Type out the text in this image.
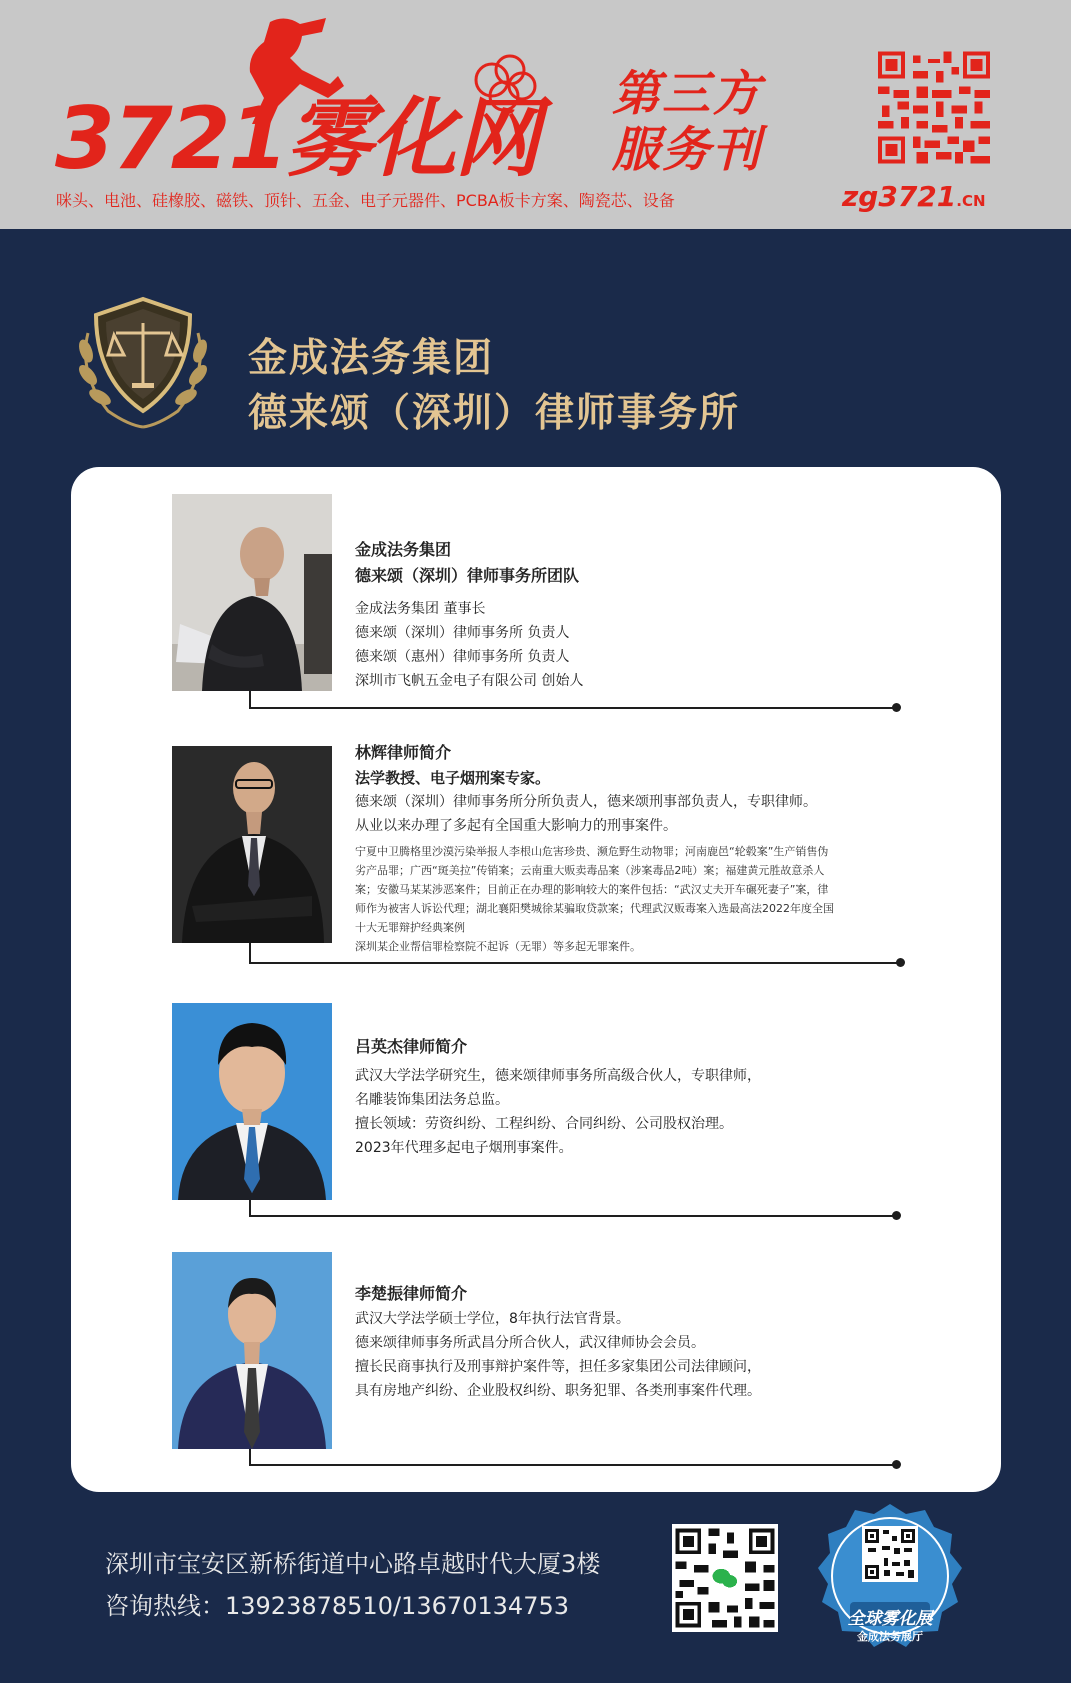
3721雾化网 第三方
服务刊
咪头、电池、硅橡胶、磁铁、顶针、五金、电子元器件、PCBA板卡方案、陶瓷芯、设备	zg3721.CN
金成法务集团
德来颂（深圳）律师事务所
金成法务集团
德来颂（深圳）律师事务所团队
金成法务集团 董事长
德来颂（深圳）律师事务所 负责人
德来颂（惠州）律师事务所 负责人
深圳市飞帆五金电子有限公司 创始人
林辉律师简介
法学教授、电子烟刑案专家。
德来颂（深圳）律师事务所分所负责人，德来颂刑事部负责人，专职律师。
从业以来办理了多起有全国重大影响力的刑事案件。
宁夏中卫腾格里沙漠污染举报人李根山危害珍贵、濒危野生动物罪；河南鹿邑“轮毂案”生产销售伪
劣产品罪；广西“斑美拉”传销案；云南重大贩卖毒品案（涉案毒品2吨）案；福建黄元胜故意杀人
案；安徽马某某涉恶案件；目前正在办理的影响较大的案件包括：“武汉丈夫开车碾死妻子”案，律
师作为被害人诉讼代理；湖北襄阳樊城徐某骗取贷款案；代理武汉贩毒案入选最高法2022年度全国
十大无罪辩护经典案例
深圳某企业帮信罪检察院不起诉（无罪）等多起无罪案件。
吕英杰律师简介
武汉大学法学研究生，德来颂律师事务所高级合伙人，专职律师，
名雕装饰集团法务总监。
擅长领域：劳资纠纷、工程纠纷、合同纠纷、公司股权治理。
2023年代理多起电子烟刑事案件。
李楚振律师简介
武汉大学法学硕士学位，8年执行法官背景。
德来颂律师事务所武昌分所合伙人，武汉律师协会会员。
擅长民商事执行及刑事辩护案件等，担任多家集团公司法律顾问，
具有房地产纠纷、企业股权纠纷、职务犯罪、各类刑事案件代理。
深圳市宝安区新桥街道中心路卓越时代大厦3楼
咨询热线：13923878510/13670134753	全球雾化展
金成法务展厅
